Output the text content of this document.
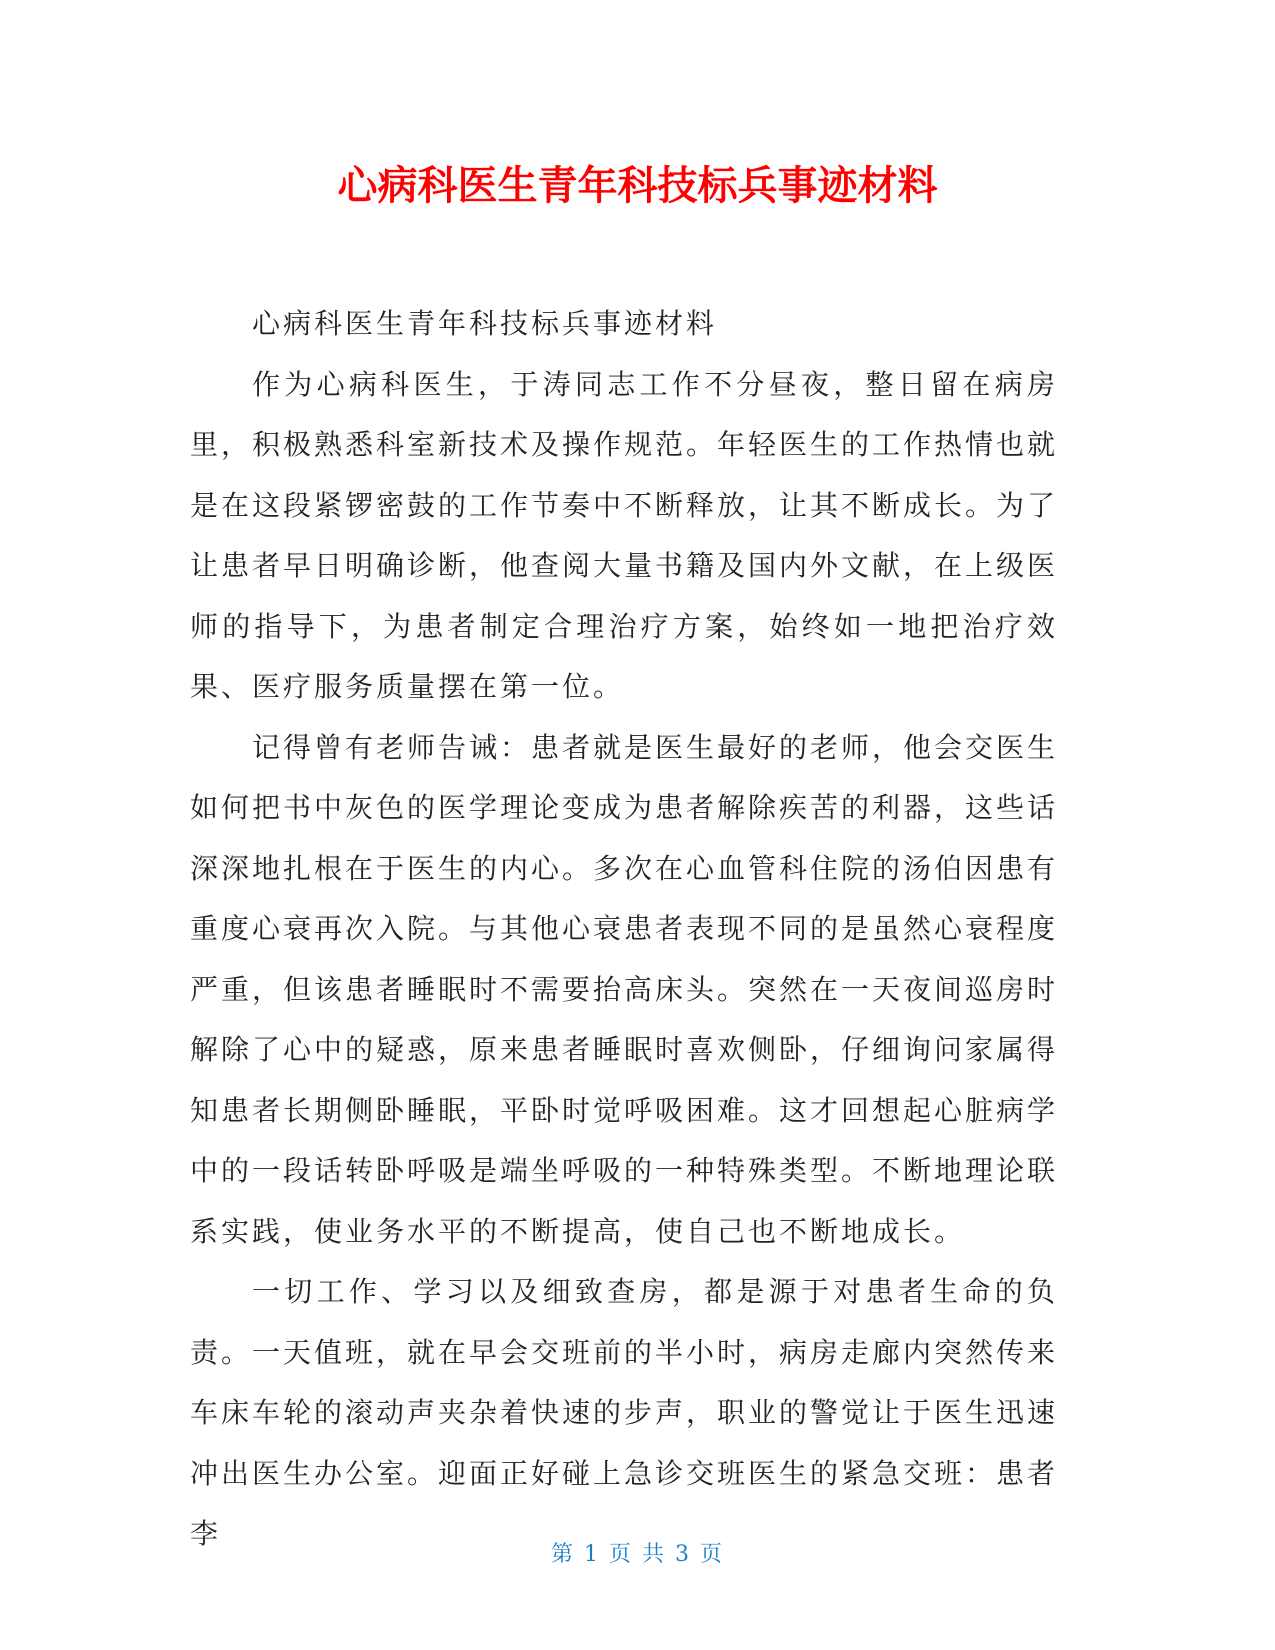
心病科医生青年科技标兵事迹材料

心病科医生青年科技标兵事迹材料

作为心病科医生，于涛同志工作不分昼夜，整日留在病房里，积极熟悉科室新技术及操作规范。年轻医生的工作热情也就是在这段紧锣密鼓的工作节奏中不断释放，让其不断成长。为了让患者早日明确诊断，他查阅大量书籍及国内外文献，在上级医师的指导下，为患者制定合理治疗方案，始终如一地把治疗效果、医疗服务质量摆在第一位。

记得曾有老师告诫：患者就是医生最好的老师，他会交医生如何把书中灰色的医学理论变成为患者解除疾苦的利器，这些话深深地扎根在于医生的内心。多次在心血管科住院的汤伯因患有重度心衰再次入院。与其他心衰患者表现不同的是虽然心衰程度严重，但该患者睡眠时不需要抬高床头。突然在一天夜间巡房时解除了心中的疑惑，原来患者睡眠时喜欢侧卧，仔细询问家属得知患者长期侧卧睡眠，平卧时觉呼吸困难。这才回想起心脏病学中的一段话转卧呼吸是端坐呼吸的一种特殊类型。不断地理论联系实践，使业务水平的不断提高，使自己也不断地成长。

一切工作、学习以及细致查房，都是源于对患者生命的负责。一天值班，就在早会交班前的半小时，病房走廊内突然传来车床车轮的滚动声夹杂着快速的步声，职业的警觉让于医生迅速冲出医生办公室。迎面正好碰上急诊交班医生的紧急交班：患者李

第 1 页 共 3 页
